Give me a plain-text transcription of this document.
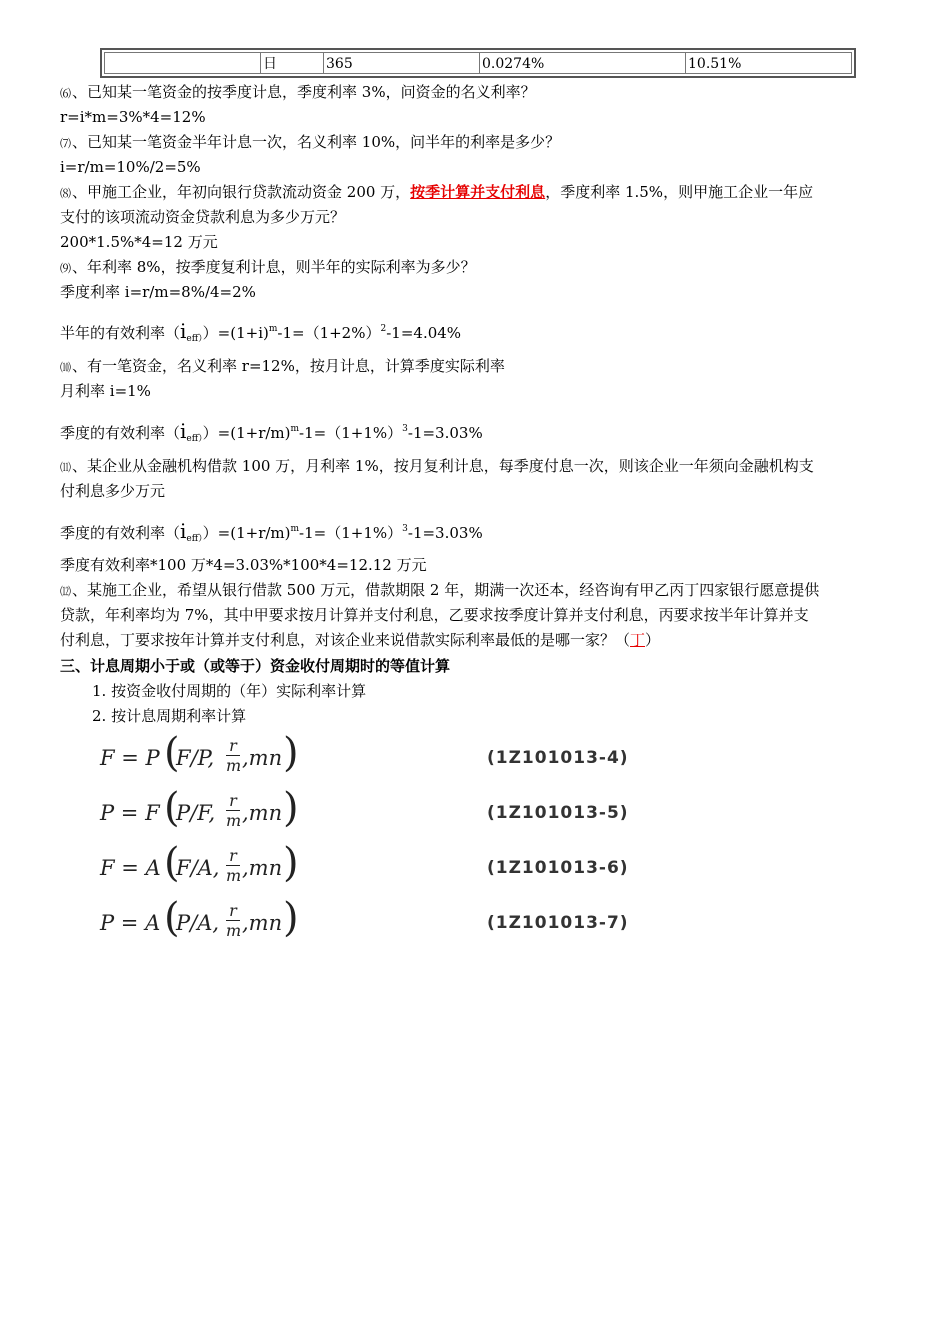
日	365	0.0274%	10.51%
⑹、已知某一笔资金的按季度计息，季度利率 3%，问资金的名义利率？
r=i*m=3%*4=12%
⑺、已知某一笔资金半年计息一次，名义利率 10%，问半年的利率是多少？
i=r/m=10%/2=5%
⑻、甲施工企业，年初向银行贷款流动资金 200 万，按季计算并支付利息，季度利率 1.5%，则甲施工企业一年应
支付的该项流动资金贷款利息为多少万元？
200*1.5%*4=12 万元
⑼、年利率 8%，按季度复利计息，则半年的实际利率为多少？
季度利率 i=r/m=8%/4=2%
半年的有效利率$(i_{eff)})=(1+i)^m-1=(1+2\%)^2-1=4.04\%$
⑽、有一笔资金，名义利率 r=12%，按月计息，计算季度实际利率
月利率 i=1%
季度的有效利率$(i_{eff)})=(1+r/m)^m-1=(1+1\%)^3-1=3.03\%$
⑾、某企业从金融机构借款 100 万，月利率 1%，按月复利计息，每季度付息一次，则该企业一年须向金融机构支
付利息多少万元
季度的有效利率$(i_{eff)})=(1+r/m)^m-1=(1+1\%)^3-1=3.03\%$
季度有效利率*100 万*4=3.03%*100*4=12.12 万元
⑿、某施工企业，希望从银行借款 500 万元，借款期限 2 年，期满一次还本，经咨询有甲乙丙丁四家银行愿意提供
贷款，年利率均为 7%，其中甲要求按月计算并支付利息，乙要求按季度计算并支付利息，丙要求按半年计算并支
付利息，丁要求按年计算并支付利息，对该企业来说借款实际利率最低的是哪一家？（丁）
三、计息周期小于或（或等于）资金收付周期时的等值计算
1. 按资金收付周期的（年）实际利率计算
2. 按计息周期利率计算
F = P (
F/P,
r
m ,mn )	(1Z101013-4)
P = F (
P/F,
r
m ,mn )	(1Z101013-5)
F = A (
F/A,
r
m ,mn )	(1Z101013-6)
P = A (
P/A,
r
m ,mn )	(1Z101013-7)
